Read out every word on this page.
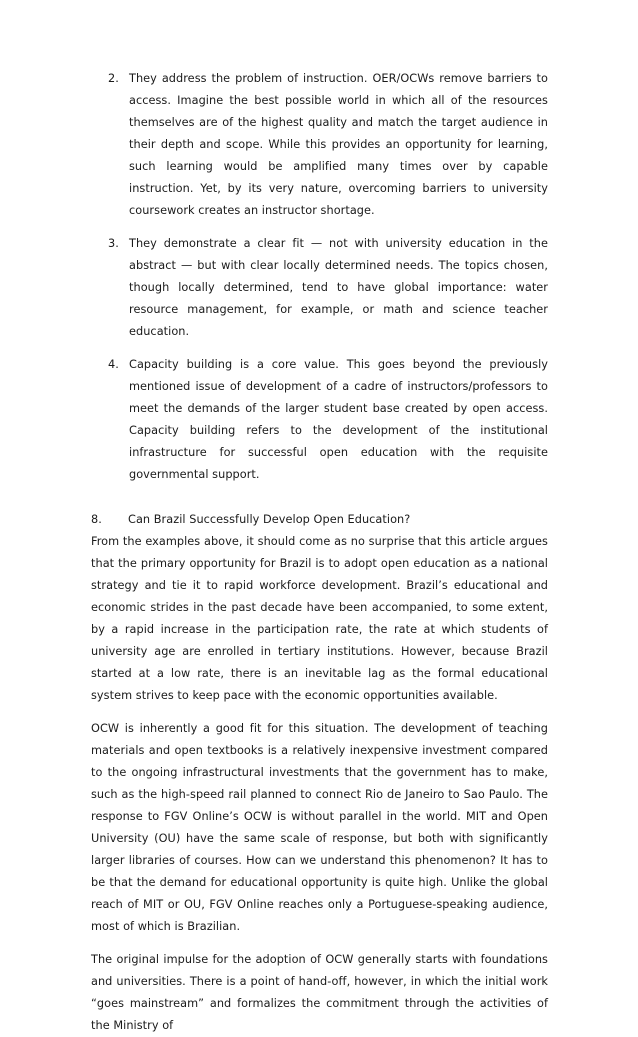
2. They address the problem of instruction. OER/OCWs remove barriers to access. Imagine the best possible world in which all of the resources themselves are of the highest quality and match the target audience in their depth and scope. While this provides an opportunity for learning, such learning would be amplified many times over by capable instruction. Yet, by its very nature, overcoming barriers to university coursework creates an instructor shortage.
3. They demonstrate a clear fit — not with university education in the abstract — but with clear locally determined needs. The topics chosen, though locally determined, tend to have global importance: water resource management, for example, or math and science teacher education.
4. Capacity building is a core value. This goes beyond the previously mentioned issue of development of a cadre of instructors/professors to meet the demands of the larger student base created by open access. Capacity building refers to the development of the institutional infrastructure for successful open education with the requisite governmental support.
8.	Can Brazil Successfully Develop Open Education?

From the examples above, it should come as no surprise that this article argues that the primary opportunity for Brazil is to adopt open education as a national strategy and tie it to rapid workforce development. Brazil’s educational and economic strides in the past decade have been accompanied, to some extent, by a rapid increase in the participation rate, the rate at which students of university age are enrolled in tertiary institutions. However, because Brazil started at a low rate, there is an inevitable lag as the formal educational system strives to keep pace with the economic opportunities available.

OCW is inherently a good fit for this situation. The development of teaching materials and open textbooks is a relatively inexpensive investment compared to the ongoing infrastructural investments that the government has to make, such as the high-speed rail planned to connect Rio de Janeiro to Sao Paulo. The response to FGV Online’s OCW is without parallel in the world. MIT and Open University (OU) have the same scale of response, but both with significantly larger libraries of courses. How can we understand this phenomenon? It has to be that the demand for educational opportunity is quite high. Unlike the global reach of MIT or OU, FGV Online reaches only a Portuguese-speaking audience, most of which is Brazilian.

The original impulse for the adoption of OCW generally starts with foundations and universities. There is a point of hand-off, however, in which the initial work “goes mainstream” and formalizes the commitment through the activities of the Ministry of
